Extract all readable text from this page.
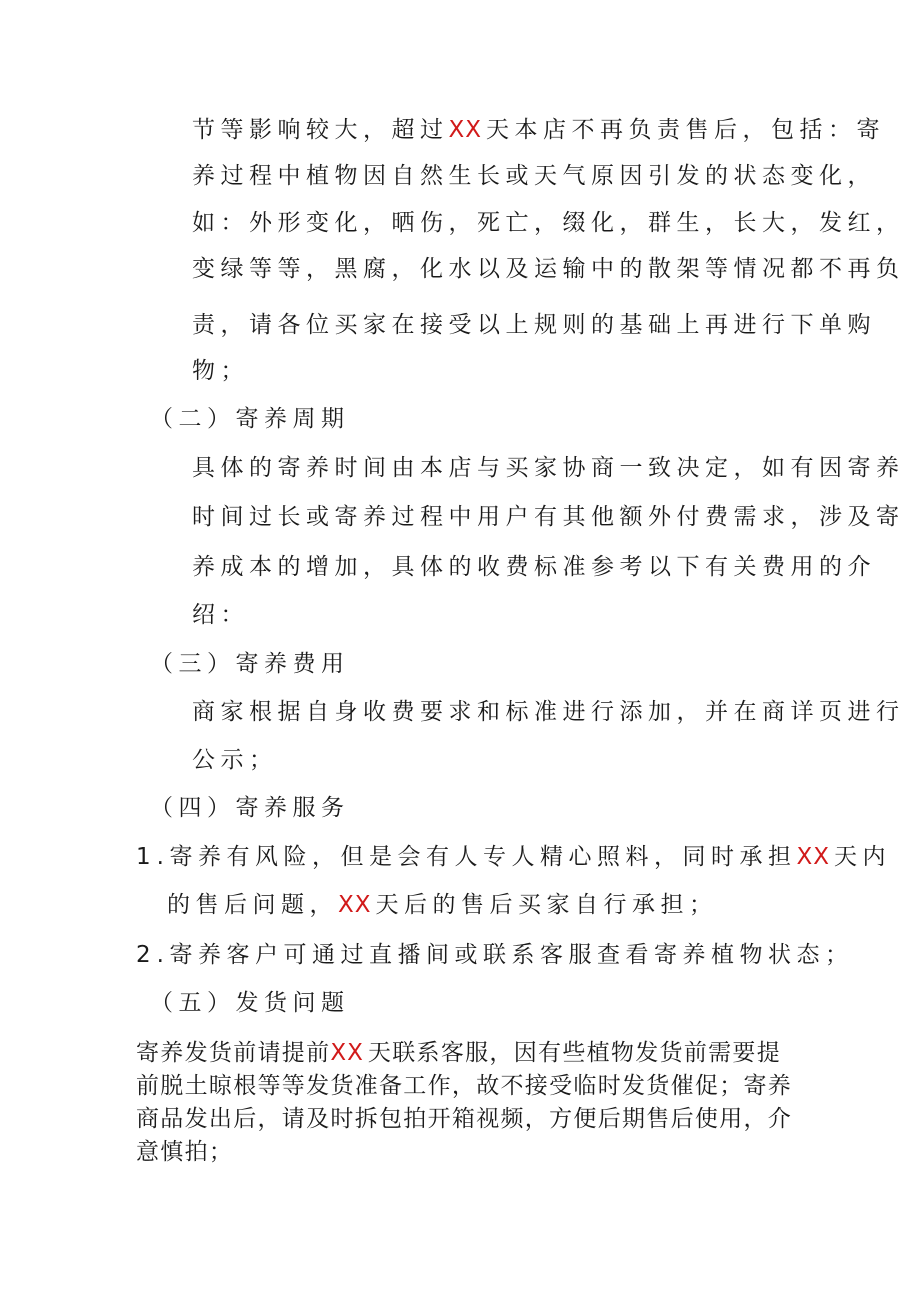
节等影响较大，超过XX 天本店不再负责售后，包括：寄

养过程中植物因自然生长或天气原因引发的状态变化，

如：外形变化，晒伤，死亡，缀化，群生，长大，发红，

变绿等等，黑腐，化水以及运输中的散架等情况都不再负

责，请各位买家在接受以上规则的基础上再进行下单购

物；

（二）寄养周期

具体的寄养时间由本店与买家协商一致决定，如有因寄养

时间过长或寄养过程中用户有其他额外付费需求，涉及寄

养成本的增加，具体的收费标准参考以下有关费用的介

绍：

（三）寄养费用

商家根据自身收费要求和标准进行添加，并在商详页进行

公示；

（四）寄养服务

1 .寄养有风险，但是会有人专人精心照料，同时承担XX 天内

的售后问题，XX 天后的售后买家自行承担；

2 .寄养客户可通过直播间或联系客服查看寄养植物状态；

（五）发货问题

寄养发货前请提前XX 天联系客服，因有些植物发货前需要提

前脱土晾根等等发货准备工作，故不接受临时发货催促；寄养

商品发出后，请及时拆包拍开箱视频，方便后期售后使用，介

意慎拍；
